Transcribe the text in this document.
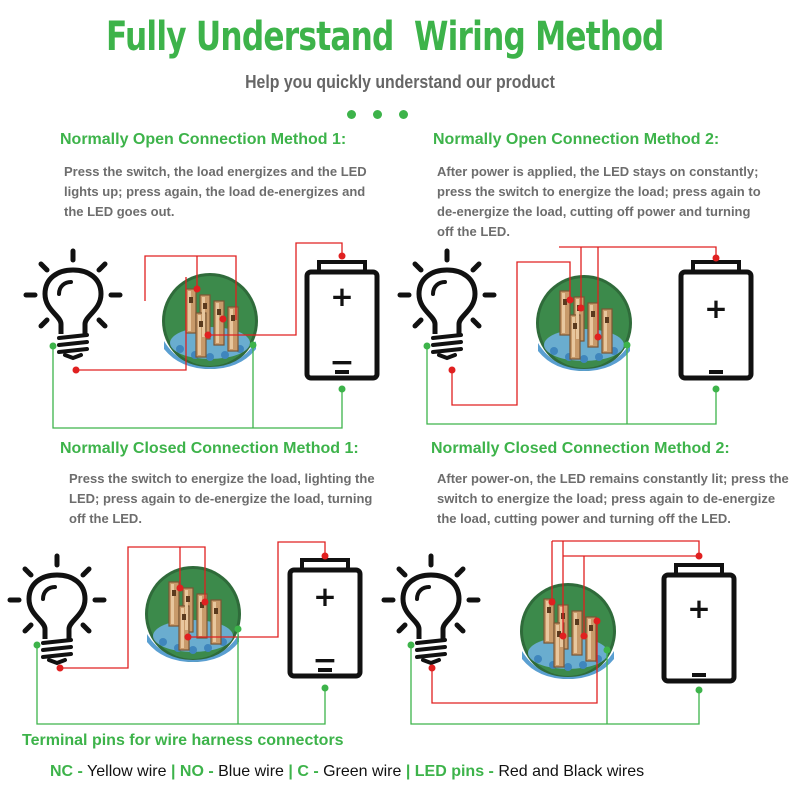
Fully Understand Wiring Method
Help you quickly understand our product
Normally Open Connection Method 1:
Press the switch, the load energizes and the LED lights up; press again, the load de-energizes and the LED goes out.
Normally Open Connection Method 2:
After power is applied, the LED stays on constantly; press the switch to energize the load; press again to de-energize the load, cutting off power and turning off the LED.
Normally Closed Connection Method 1:
Press the switch to energize the load, lighting the LED; press again to de-energize the load, turning off the LED.
Normally Closed Connection Method 2:
After power-on, the LED remains constantly lit; press the switch to energize the load; press again to de-energize the load, cutting power and turning off the LED.
+
−
+
+
−
+
Terminal pins for wire harness connectors
NC - Yellow wire | NO - Blue wire | C - Green wire | LED pins - Red and Black wires
